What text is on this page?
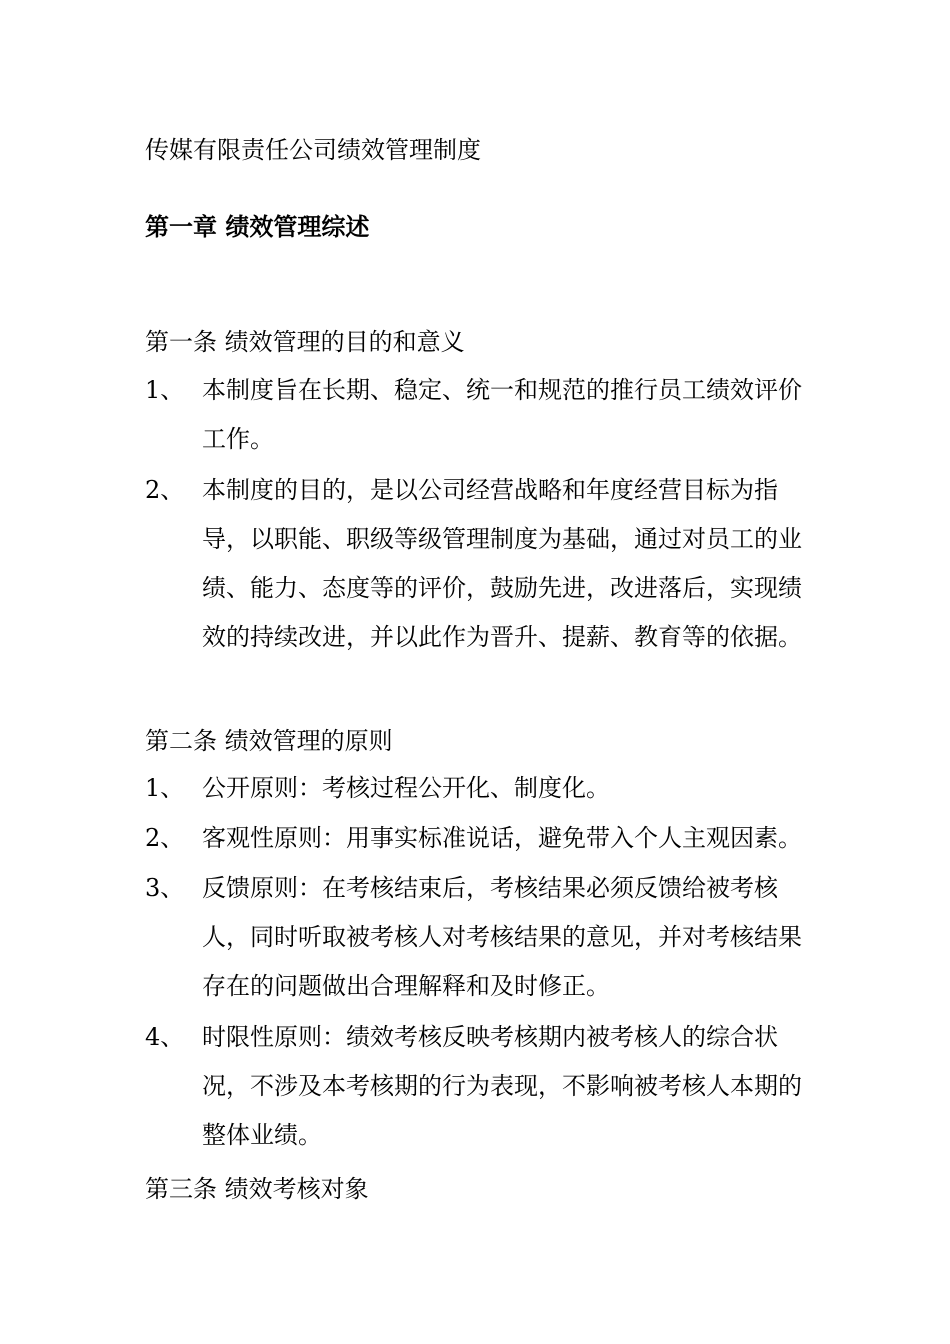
传媒有限责任公司绩效管理制度
第一章 绩效管理综述
第一条 绩效管理的目的和意义
1、 本制度旨在长期、稳定、统一和规范的推行员工绩效评价工作。
2、 本制度的目的，是以公司经营战略和年度经营目标为指导，以职能、职级等级管理制度为基础，通过对员工的业绩、能力、态度等的评价，鼓励先进，改进落后，实现绩效的持续改进，并以此作为晋升、提薪、教育等的依据。
第二条 绩效管理的原则
1、 公开原则：考核过程公开化、制度化。
2、 客观性原则：用事实标准说话，避免带入个人主观因素。
3、 反馈原则：在考核结束后，考核结果必须反馈给被考核人，同时听取被考核人对考核结果的意见，并对考核结果存在的问题做出合理解释和及时修正。
4、 时限性原则：绩效考核反映考核期内被考核人的综合状况，不涉及本考核期的行为表现，不影响被考核人本期的整体业绩。
第三条 绩效考核对象
